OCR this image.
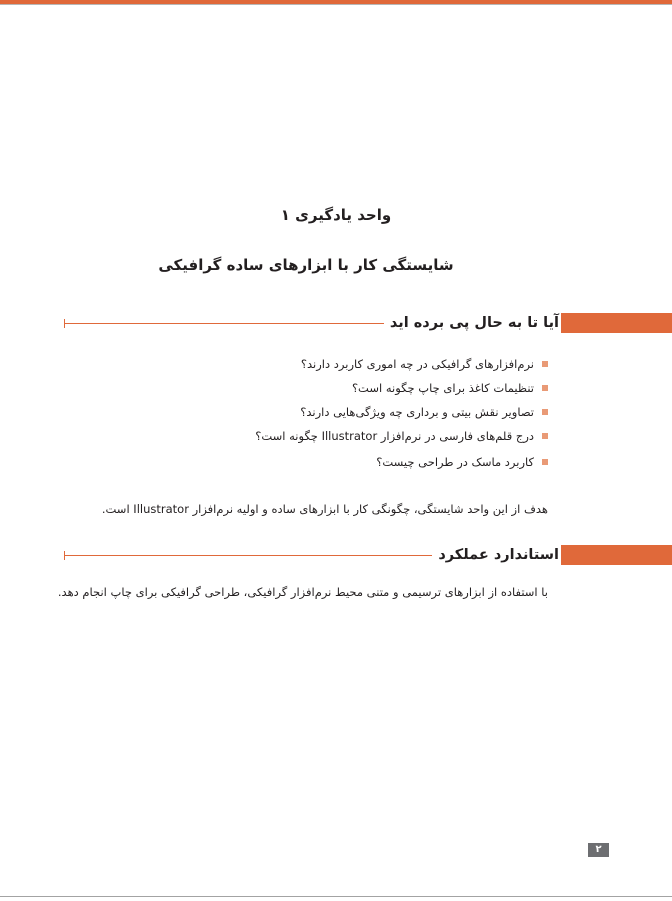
واحد یادگیری ۱
شایستگی کار با ابزارهای ساده گرافیکی
آیا تا به حال پی برده اید
نرم‌افزارهای گرافیکی در چه اموری کاربرد دارند؟
تنظیمات کاغذ برای چاپ چگونه است؟
تصاویر نقش بیتی و برداری چه ویژگی‌هایی دارند؟
درج قلم‌های فارسی در نرم‌افزار Illustrator چگونه است؟
کاربرد ماسک در طراحی چیست؟
هدف از این واحد شایستگی، چگونگی کار با ابزارهای ساده و اولیه نرم‌افزار Illustrator است.
استاندارد عملکرد
با استفاده از ابزارهای ترسیمی و متنی محیط نرم‌افزار گرافیکی، طراحی گرافیکی برای چاپ انجام دهد.
۲
